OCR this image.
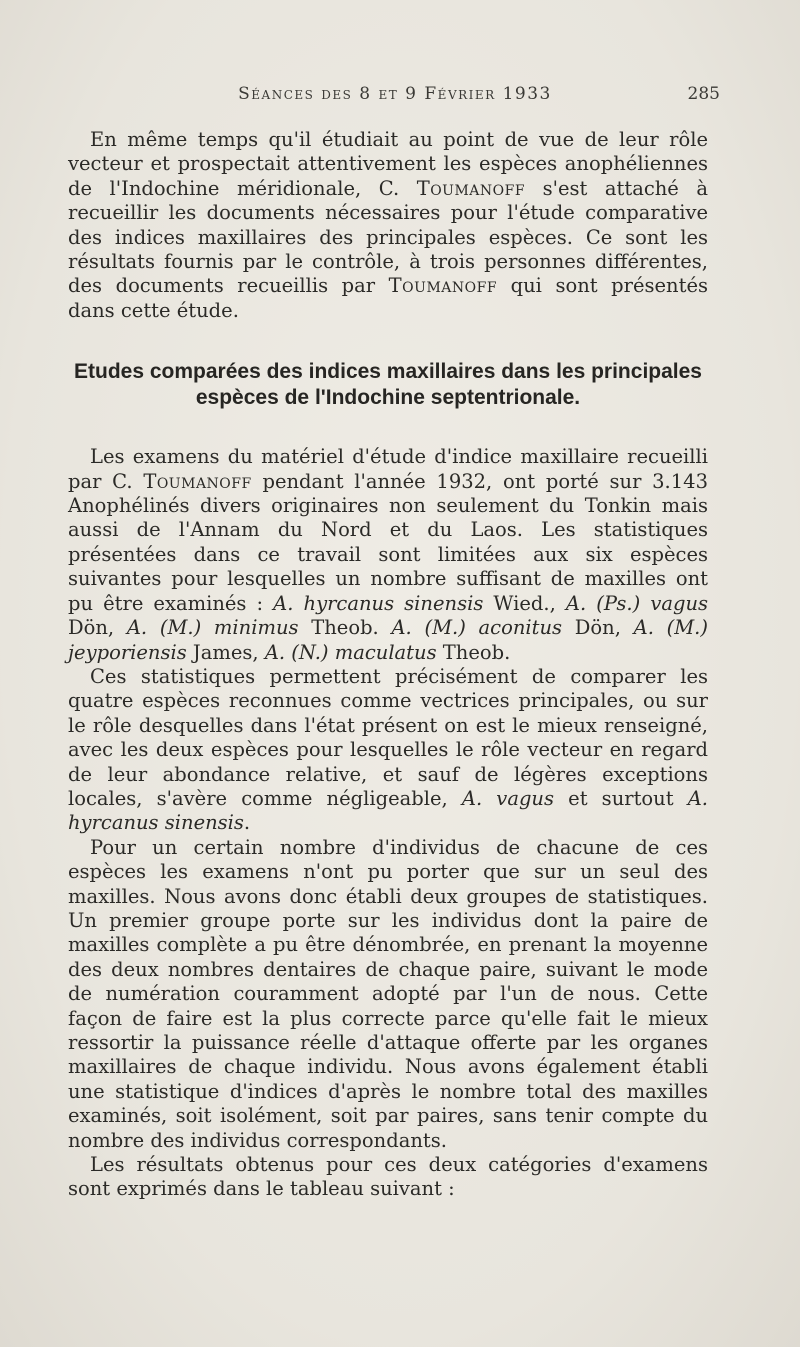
Séances des 8 et 9 Février 1933	285

En même temps qu'il étudiait au point de vue de leur rôle vecteur et prospectait attentivement les espèces anophéliennes de l'Indochine méridionale, C. Toumanoff s'est attaché à recueillir les documents nécessaires pour l'étude comparative des indices maxillaires des principales espèces. Ce sont les résultats fournis par le contrôle, à trois personnes différentes, des documents recueillis par Toumanoff qui sont présentés dans cette étude.

Etudes comparées des indices maxillaires dans les principales
espèces de l'Indochine septentrionale.

Les examens du matériel d'étude d'indice maxillaire recueilli par C. Toumanoff pendant l'année 1932, ont porté sur 3.143 Anophélinés divers originaires non seulement du Tonkin mais aussi de l'Annam du Nord et du Laos. Les statistiques présentées dans ce travail sont limitées aux six espèces suivantes pour lesquelles un nombre suffisant de maxilles ont pu être examinés : A. hyrcanus sinensis Wied., A. (Ps.) vagus Dön, A. (M.) minimus Theob. A. (M.) aconitus Dön, A. (M.) jeyporiensis James, A. (N.) maculatus Theob.

Ces statistiques permettent précisément de comparer les quatre espèces reconnues comme vectrices principales, ou sur le rôle desquelles dans l'état présent on est le mieux renseigné, avec les deux espèces pour lesquelles le rôle vecteur en regard de leur abondance relative, et sauf de légères exceptions locales, s'avère comme négligeable, A. vagus et surtout A. hyrcanus sinensis.

Pour un certain nombre d'individus de chacune de ces espèces les examens n'ont pu porter que sur un seul des maxilles. Nous avons donc établi deux groupes de statistiques. Un premier groupe porte sur les individus dont la paire de maxilles complète a pu être dénombrée, en prenant la moyenne des deux nombres dentaires de chaque paire, suivant le mode de numération couramment adopté par l'un de nous. Cette façon de faire est la plus correcte parce qu'elle fait le mieux ressortir la puissance réelle d'attaque offerte par les organes maxillaires de chaque individu. Nous avons également établi une statistique d'indices d'après le nombre total des maxilles examinés, soit isolément, soit par paires, sans tenir compte du nombre des individus correspondants.

Les résultats obtenus pour ces deux catégories d'examens sont exprimés dans le tableau suivant :
